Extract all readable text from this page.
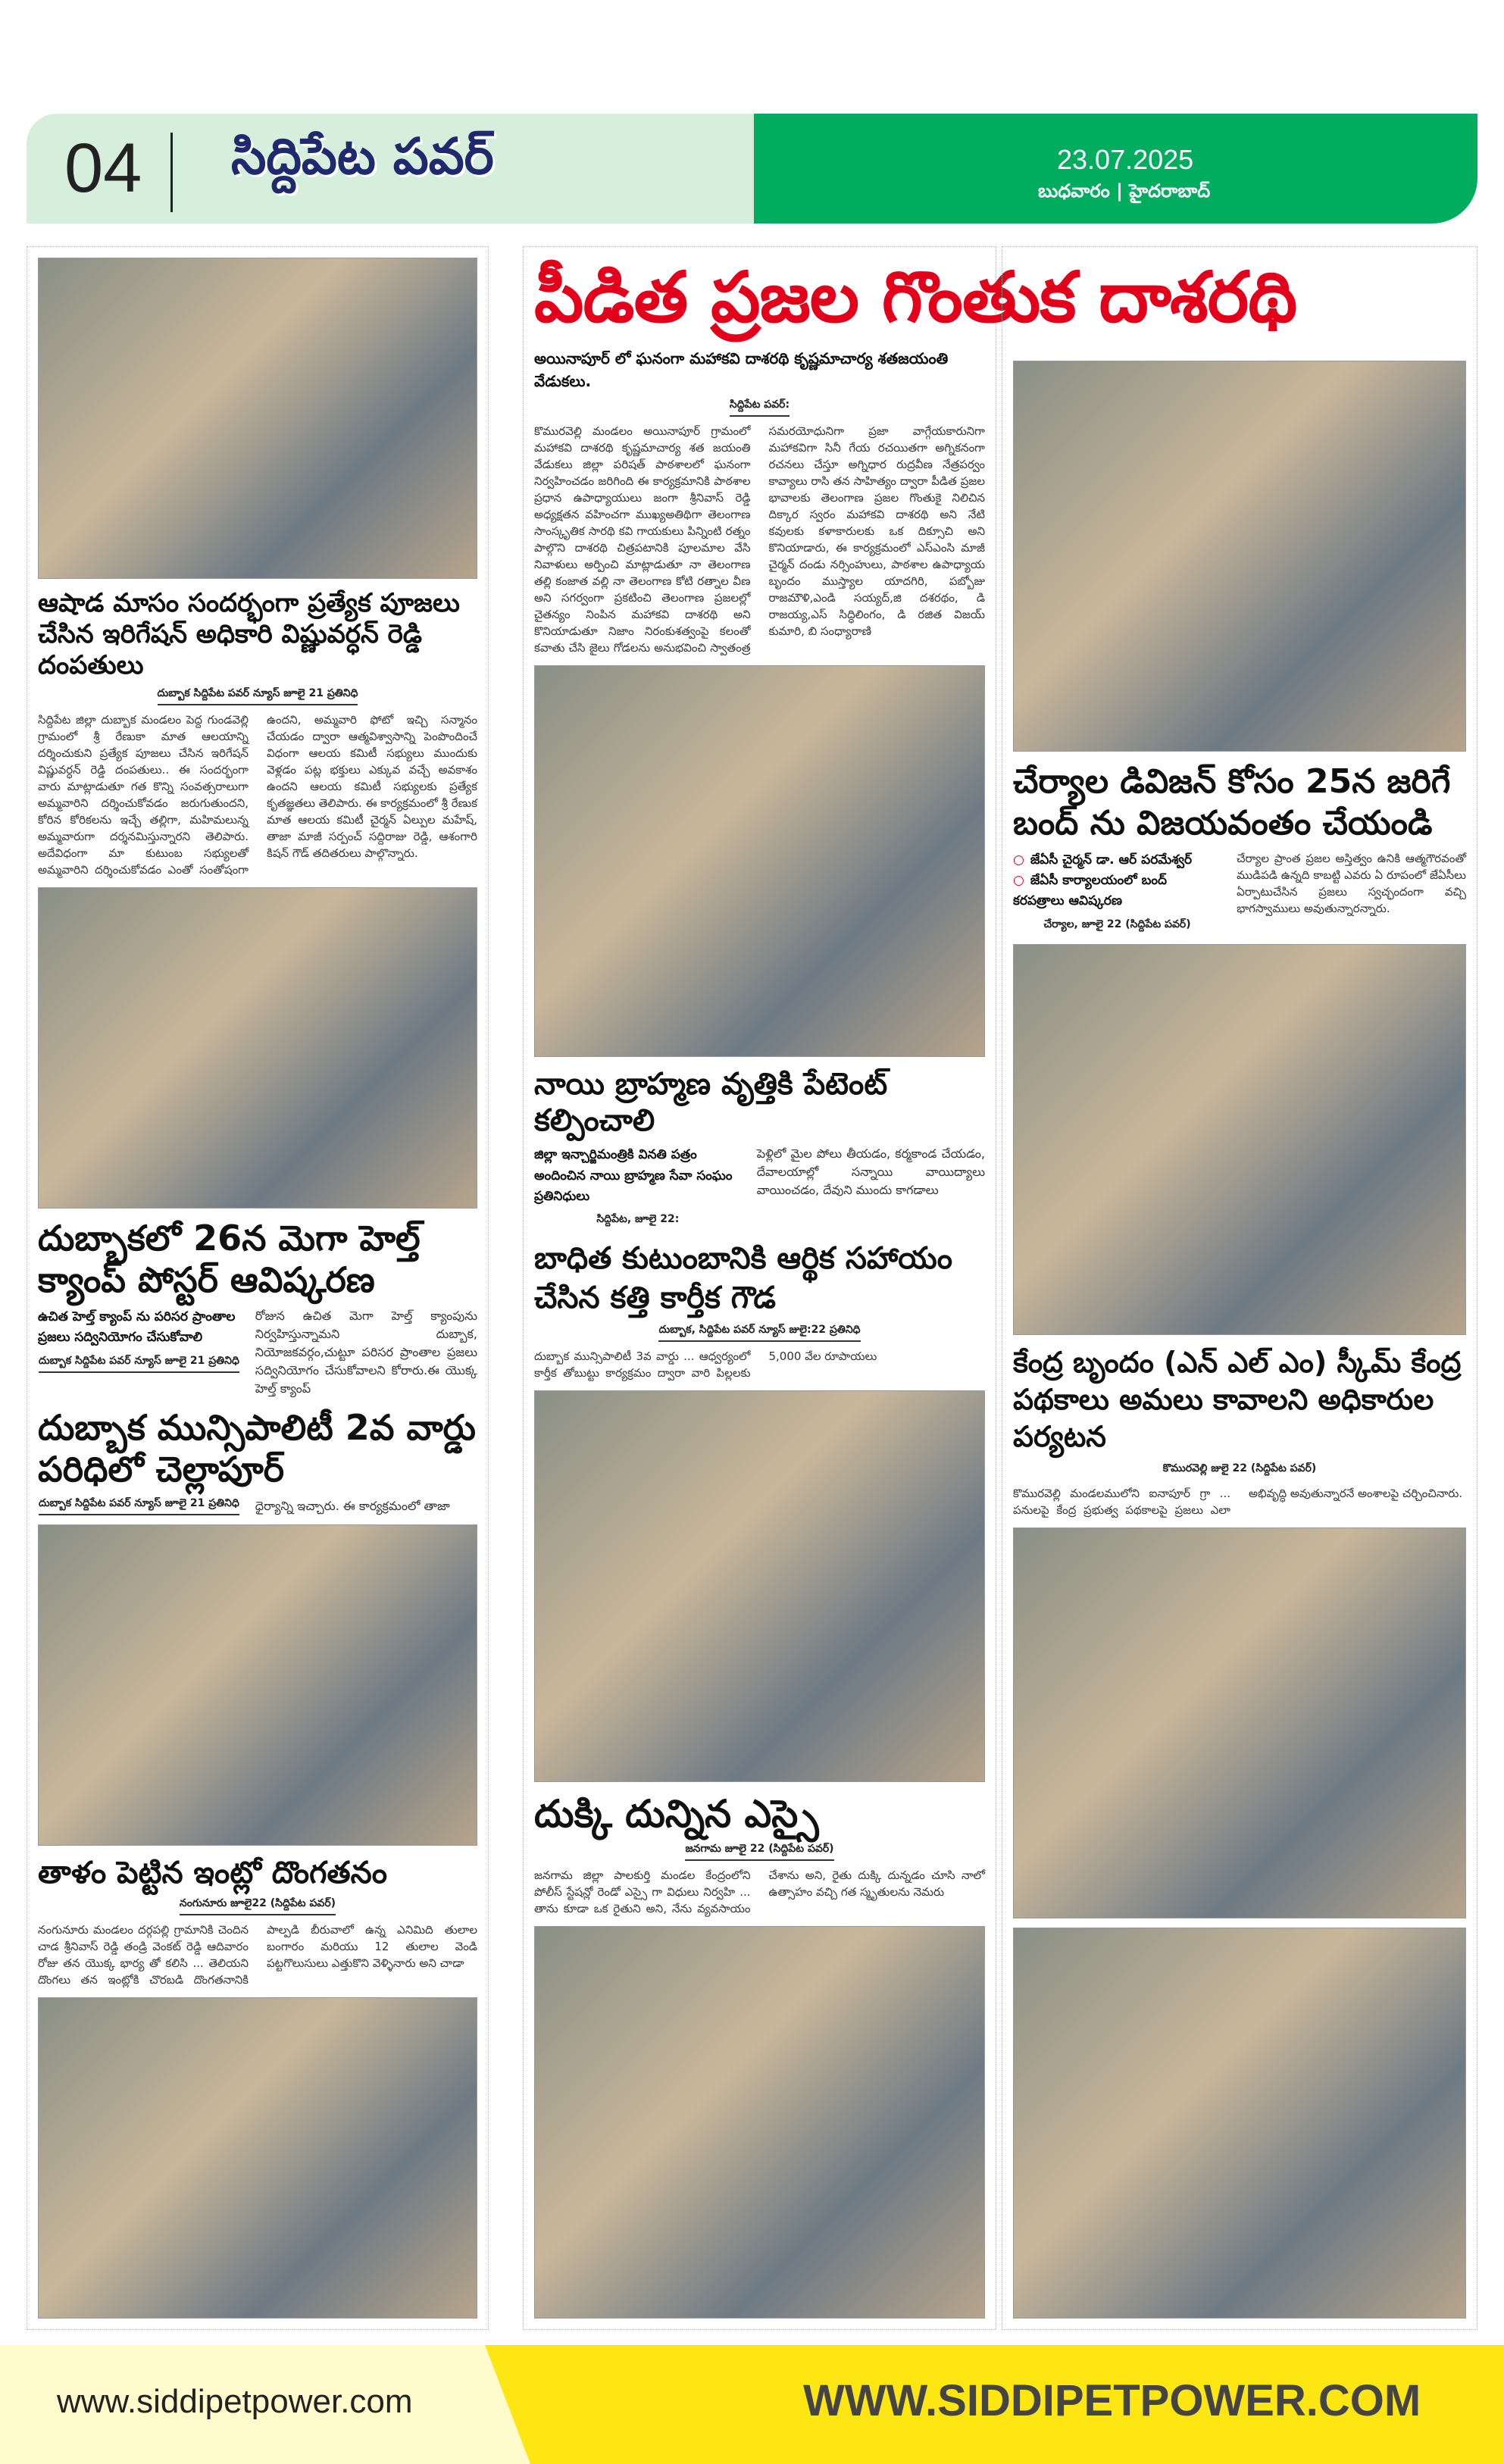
04 సిద్దిపేట పవర్	23.07.2025
బుధవారం | హైదరాబాద్
ఆషాడ మాసం సందర్భంగా ప్రత్యేక పూజలు చేసిన ఇరిగేషన్ అధికారి విష్ణువర్ధన్ రెడ్డి దంపతులు
దుబ్బాక సిద్దిపేట పవర్ న్యూస్ జూలై 21 ప్రతినిధి
సిద్దిపేట జిల్లా దుబ్బాక మండలం పెద్ద గుండవెల్లి గ్రామంలో శ్రీ రేణుకా మాత ఆలయాన్ని దర్శించుకుని ప్రత్యేక పూజలు చేసిన ఇరిగేషన్ విష్ణువర్ధన్ రెడ్డి దంపతులు.. ఈ సందర్భంగా వారు మాట్లాడుతూ గత కొన్ని సంవత్సరాలుగా అమ్మవారిని దర్శించుకోవడం జరుగుతుందని, కోరిన కోరికలను ఇచ్చే తల్లిగా, మహిమలున్న అమ్మవారుగా దర్శనమిస్తున్నారని తెలిపారు. అదేవిధంగా మా కుటుంబ సభ్యులతో అమ్మవారిని దర్శించుకోవడం ఎంతో సంతోషంగా ఉందని, అమ్మవారి ఫోటో ఇచ్చి సన్మానం చేయడం ద్వారా ఆత్మవిశ్వాసాన్ని పెంపొందించే విధంగా ఆలయ కమిటీ సభ్యులు ముందుకు వెళ్లడం పట్ల భక్తులు ఎక్కువ వచ్చే అవకాశం ఉందని ఆలయ కమిటీ సభ్యులకు ప్రత్యేక కృతజ్ఞతలు తెలిపారు. ఈ కార్యక్రమంలో శ్రీ రేణుక మాత ఆలయ కమిటీ చైర్మన్ ఏల్పుల మహేష్, తాజా మాజీ సర్పంచ్ సద్దిరాజు రెడ్డి, ఆశంగారి కిషన్ గౌడ్ తదితరులు పాల్గొన్నారు.
దుబ్బాకలో 26న మెగా హెల్త్ క్యాంప్ పోస్టర్ ఆవిష్కరణ
ఉచిత హెల్త్ క్యాంప్ ను పరిసర ప్రాంతాల ప్రజలు సద్వినియోగం చేసుకోవాలి
దుబ్బాక సిద్దిపేట పవర్ న్యూస్ జూలై 21 ప్రతినిధి
రోజున ఉచిత మెగా హెల్త్ క్యాంపును నిర్వహిస్తున్నామని దుబ్బాక, నియోజకవర్గం,చుట్టూ పరిసర ప్రాంతాల ప్రజలు సద్వినియోగం చేసుకోవాలని కోరారు.ఈ యొక్క హెల్త్ క్యాంప్
దుబ్బాక మున్సిపాలిటీ 2వ వార్డు పరిధిలో చెల్లాపూర్
దుబ్బాక సిద్దిపేట పవర్ న్యూస్ జూలై 21 ప్రతినిధి ధైర్యాన్ని ఇచ్చారు. ఈ కార్యక్రమంలో తాజా
తాళం పెట్టిన ఇంట్లో దొంగతనం
నంగునూరు జూలై22 (సిద్దిపేట పవర్)
నంగునూరు మండలం దర్గపల్లి గ్రామానికి చెందిన చాడ శ్రీనివాస్ రెడ్డి తండ్రి వెంకట్ రెడ్డి ఆదివారం రోజు తన యొక్క భార్య తో కలిసి ... తెలియని దొంగలు తన ఇంట్లోకి చొరబడి దొంగతనానికి పాల్పడి బీరువాలో ఉన్న ఎనిమిది తులాల బంగారం మరియు 12 తులాల వెండి పట్టగొలుసులు ఎత్తుకొని వెళ్ళినారు అని చాడా
పీడిత ప్రజల గొంతుక దాశరథి
అయినాపూర్ లో ఘనంగా మహాకవి దాశరథి కృష్ణమాచార్య శతజయంతి వేడుకలు.
సిద్దిపేట పవర్:
కొమురవెల్లి మండలం అయినాపూర్ గ్రామంలో మహాకవి దాశరథి కృష్ణమాచార్య శత జయంతి వేడుకలు జిల్లా పరిషత్ పాఠశాలలో ఘనంగా నిర్వహించడం జరిగింది ఈ కార్యక్రమానికి పాఠశాల ప్రధాన ఉపాధ్యాయులు జంగా శ్రీనివాస్ రెడ్డి అధ్యక్షతన వహించగా ముఖ్యఅతిథిగా తెలంగాణ సాంస్కృతిక సారథి కవి గాయకులు పిన్నింటి రత్నం పాల్గొని దాశరథి చిత్రపటానికి పూలమాల వేసి నివాళులు అర్పించి మాట్లాడుతూ నా తెలంగాణ తల్లి కంజాత వల్లి నా తెలంగాణ కోటి రత్నాల వీణ అని సగర్వంగా ప్రకటించి తెలంగాణ ప్రజలల్లో చైతన్యం నింపిన మహాకవి దాశరథి అని కొనియాడుతూ నిజాం నిరంకుశత్వంపై కలంతో కవాతు చేసి జైలు గోడలను అనుభవించి స్వాతంత్ర సమరయోధునిగా ప్రజా వాగ్గేయకారునిగా మహాకవిగా సినీ గేయ రచయితగా అగ్నికనంగా రచనలు చేస్తూ అగ్నిధార రుద్రవీణ నేత్రపర్వం కావ్యాలు రాసి తన సాహిత్యం ద్వారా పీడిత ప్రజల భావాలకు తెలంగాణ ప్రజల గొంతుకై నిలిచిన దిక్కార స్వరం మహాకవి దాశరథి అని నేటి కవులకు కళాకారులకు ఒక దిక్సూచి అని కొనియాడారు, ఈ కార్యక్రమంలో ఎస్ఎంసి మాజీ చైర్మన్ దండు నర్సింహులు, పాఠశాల ఉపాధ్యాయ బృందం ముస్త్యాల యాదగిరి, పబ్బోజు రాజమౌళి,ఎండి సయ్యద్,జి దశరథం, డి రాజయ్య,ఎస్ సిద్ధిలింగం, డి రజిత విజయ్ కుమారి, బి సంధ్యారాణి
నాయి బ్రాహ్మణ వృత్తికి పేటెంట్ కల్పించాలి
జిల్లా ఇన్చార్జిమంత్రికి వినతి పత్రం అందించిన నాయి బ్రాహ్మణ సేవా సంఘం ప్రతినిధులు
సిద్దిపేట, జూలై 22:
పెళ్లిలో మైల పోలు తీయడం, కర్మకాండ చేయడం, దేవాలయాల్లో సన్నాయి వాయిద్యాలు వాయించడం, దేవుని ముందు కాగడాలు
బాధిత కుటుంబానికి ఆర్థిక సహాయం చేసిన కత్తి కార్తీక గౌడ
దుబ్బాక, సిద్దిపేట పవర్ న్యూస్ జులై:22 ప్రతినిధి
దుబ్బాక మున్సిపాలిటీ 3వ వార్డు ... ఆధ్వర్యంలో కార్తీక తోబుట్టు కార్యక్రమం ద్వారా వారి పిల్లలకు 5,000 వేల రూపాయలు
దుక్కి దున్నిన ఎస్సై
జనగామ జూలై 22 (సిద్దిపేట పవర్)
జనగామ జిల్లా పాలకుర్తి మండల కేంద్రంలోని పోలీస్ స్టేషన్లో రెండో ఎస్సై గా విధులు నిర్వహి ... తాను కూడా ఒక రైతుని అని, నేను వ్యవసాయం చేశాను అని, రైతు దుక్కి దున్నడం చూసి నాలో ఉత్సాహం వచ్చి గత స్మృతులను నెమరు
చేర్యాల డివిజన్ కోసం 25న జరిగే బంద్ ను విజయవంతం చేయండి
○ జేఏసీ చైర్మన్ డా. ఆర్ పరమేశ్వర్
○ జేఏసీ కార్యాలయంలో బంద్ కరపత్రాలు ఆవిష్కరణ
చేర్యాల, జూలై 22 (సిద్దిపేట పవర్)
చేర్యాల ప్రాంత ప్రజల అస్తిత్వం ఉనికి ఆత్మగౌరవంతో ముడిపడి ఉన్నది కాబట్టి ఎవరు ఏ రూపంలో జేఏసీలు ఏర్పాటుచేసిన ప్రజలు స్వచ్ఛందంగా వచ్చి భాగస్వాములు అవుతున్నారన్నారు.
కేంద్ర బృందం (ఎన్ ఎల్ ఎం) స్కీమ్ కేంద్ర పథకాలు అమలు కావాలని అధికారుల పర్యటన
కొమురవెల్లి జులై 22 (సిద్దిపేట పవర్)
కొమురవెల్లి మండలములోని ఐనాపూర్ గ్రా ... పనులపై కేంద్ర ప్రభుత్వ పథకాలపై ప్రజలు ఎలా అభివృద్ధి అవుతున్నారనే అంశాలపై చర్చించినారు.
www.siddipetpower.com	WWW.SIDDIPETPOWER.COM
